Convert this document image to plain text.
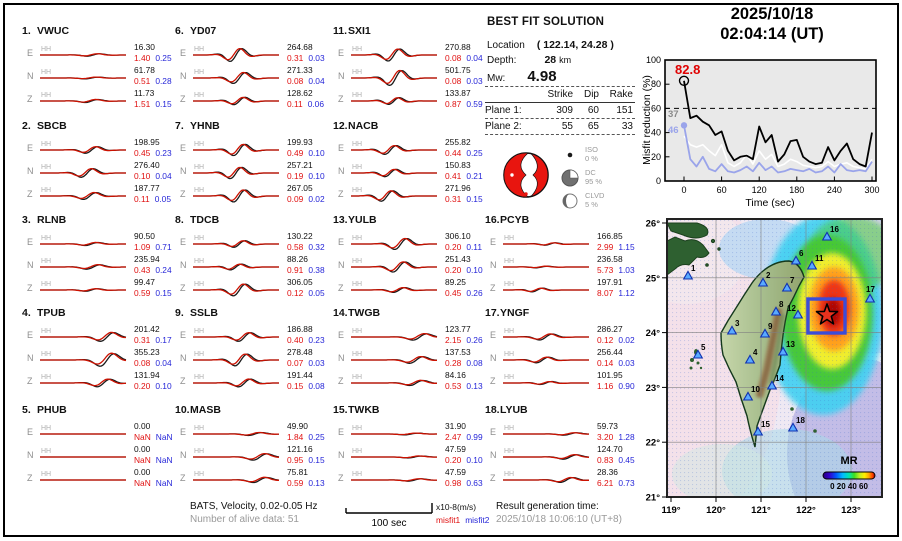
1. VWUC
E HH	16.30
1.40 0.25
N HH	61.78
0.51 0.28
Z HH	11.73
1.51 0.15
2. SBCB
E HH	198.95
0.45 0.23
N HH	276.40
0.10 0.04
Z HH	187.77
0.11 0.05
3. RLNB
E HH	90.50
1.09 0.71
N HH	235.94
0.43 0.24
Z HH	99.47
0.59 0.15
4. TPUB
E HH	201.42
0.31 0.17
N HH	355.23
0.08 0.04
Z HH	131.94
0.20 0.10
5. PHUB
E HH	0.00
NaN NaN
N HH	0.00
NaN NaN
Z HH	0.00
NaN NaN
6. YD07
E HH	264.68
0.31 0.03
N HH	271.33
0.08 0.04
Z HH	128.62
0.11 0.06
7. YHNB
E HH	199.93
0.49 0.10
N HH	257.21
0.19 0.10
Z HH	267.05
0.09 0.02
8. TDCB
E HH	130.22
0.58 0.32
N HH	88.26
0.91 0.38
Z HH	306.05
0.12 0.05
9. SSLB
E HH	186.88
0.40 0.23
N HH	278.48
0.07 0.03
Z HH	191.44
0.15 0.08
10.MASB
E HH	49.90
1.84 0.25
N HH	121.16
0.95 0.15
Z HH	75.81
0.59 0.13
11.SXI1
E HH	270.88
0.08 0.04
N HH	501.75
0.08 0.03
Z HH	133.87
0.87 0.59
12.NACB
E HH	255.82
0.44 0.25
N HH	150.83
0.41 0.21
Z HH	271.96
0.31 0.15
13.YULB
E HH	306.10
0.20 0.11
N HH	251.43
0.20 0.10
Z HH	89.25
0.45 0.26
14.TWGB
E HH	123.77
2.15 0.26
N HH	137.53
0.28 0.08
Z HH	84.16
0.53 0.13
15.TWKB
E HH	31.90
2.47 0.99
N HH	47.59
0.20 0.10
Z HH	47.59
0.98 0.63
16.PCYB
E HH	166.85
2.99 1.15
N HH	236.58
5.73 1.03
Z HH	197.91
8.07 1.12
17.YNGF
E HH	286.27
0.12 0.02
N HH	256.44
0.14 0.03
Z HH	101.95
1.16 0.90
18.LYUB
E HH	59.73
3.20 1.28
N HH	124.70
0.83 0.45
Z HH	28.36
6.21 0.73
BEST FIT SOLUTION
Location ( 122.14, 24.28 )
Depth:	28 km
Mw: 4.98
Strike	Dip	Rake
Plane 1:	309	60	151
Plane 2:	55	65	33
ISO
0 %
DC
95 %
CLVD
5 %
2025/10/18
02:04:14 (UT)
82.8
37
46
0
20
40
60
80
100
0	60	120	180	240	300
Time (sec)
Misfit reduction (%)
1
2
3
4
5
6
7
8
9
10
11
12
13
14
15
16
17
18
MR
0 20 40 60
26°
25°
24°
23°
22°
21°
119°	120°	121°	122°	123°
BATS, Velocity, 0.02-0.05 Hz
Number of alive data: 51	100 sec
x10-8(m/s)
misfit1 misfit2
Result generation time:
2025/10/18 10:06:10 (UT+8)
